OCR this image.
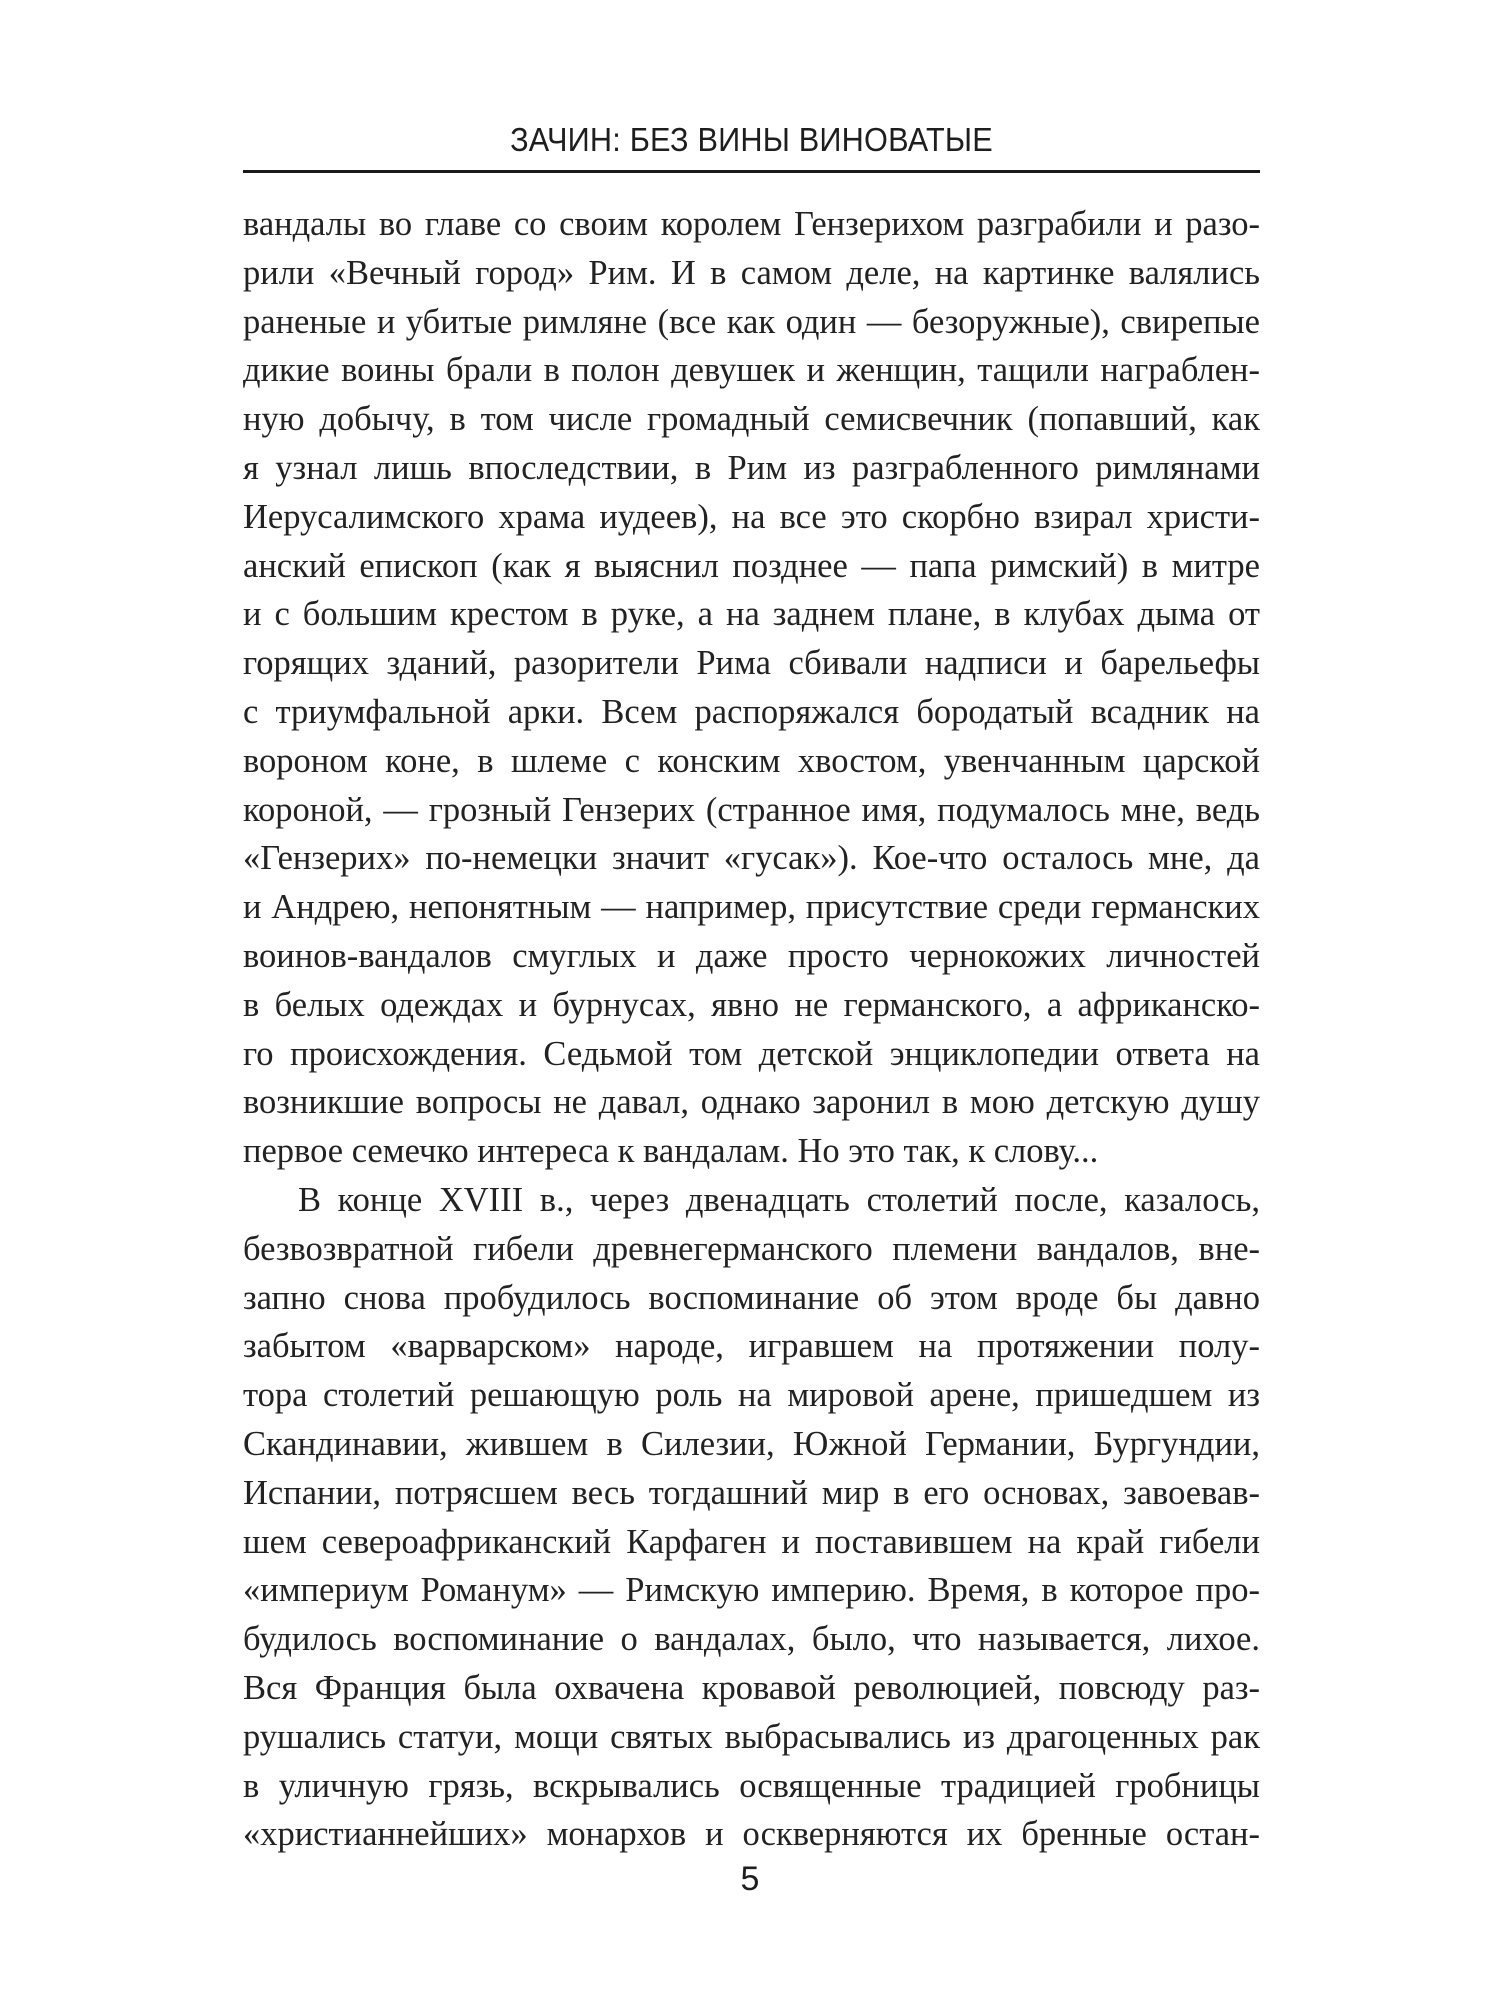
ЗАЧИН: БЕЗ ВИНЫ ВИНОВАТЫЕ
вандалы во главе со своим королем Гензерихом разграбили и разо-
рили «Вечный город» Рим. И в самом деле, на картинке валялись
раненые и убитые римляне (все как один — безоружные), свирепые
дикие воины брали в полон девушек и женщин, тащили награблен-
ную добычу, в том числе громадный семисвечник (попавший, как
я узнал лишь впоследствии, в Рим из разграбленного римлянами
Иерусалимского храма иудеев), на все это скорбно взирал христи-
анский епископ (как я выяснил позднее — папа римский) в митре
и с большим крестом в руке, а на заднем плане, в клубах дыма от
горящих зданий, разорители Рима сбивали надписи и барельефы
с триумфальной арки. Всем распоряжался бородатый всадник на
вороном коне, в шлеме с конским хвостом, увенчанным царской
короной, — грозный Гензерих (странное имя, подумалось мне, ведь
«Гензерих» по-немецки значит «гусак»). Кое-что осталось мне, да
и Андрею, непонятным — например, присутствие среди германских
воинов-вандалов смуглых и даже просто чернокожих личностей
в белых одеждах и бурнусах, явно не германского, а африканско-
го происхождения. Седьмой том детской энциклопедии ответа на
возникшие вопросы не давал, однако заронил в мою детскую душу
первое семечко интереса к вандалам. Но это так, к слову...
В конце XVIII в., через двенадцать столетий после, казалось,
безвозвратной гибели древнегерманского племени вандалов, вне-
запно снова пробудилось воспоминание об этом вроде бы давно
забытом «варварском» народе, игравшем на протяжении полу-
тора столетий решающую роль на мировой арене, пришедшем из
Скандинавии, жившем в Силезии, Южной Германии, Бургундии,
Испании, потрясшем весь тогдашний мир в его основах, завоевав-
шем североафриканский Карфаген и поставившем на край гибели
«империум Романум» — Римскую империю. Время, в которое про-
будилось воспоминание о вандалах, было, что называется, лихое.
Вся Франция была охвачена кровавой революцией, повсюду раз-
рушались статуи, мощи святых выбрасывались из драгоценных рак
в уличную грязь, вскрывались освященные традицией гробницы
«христианнейших» монархов и оскверняются их бренные остан-
5
